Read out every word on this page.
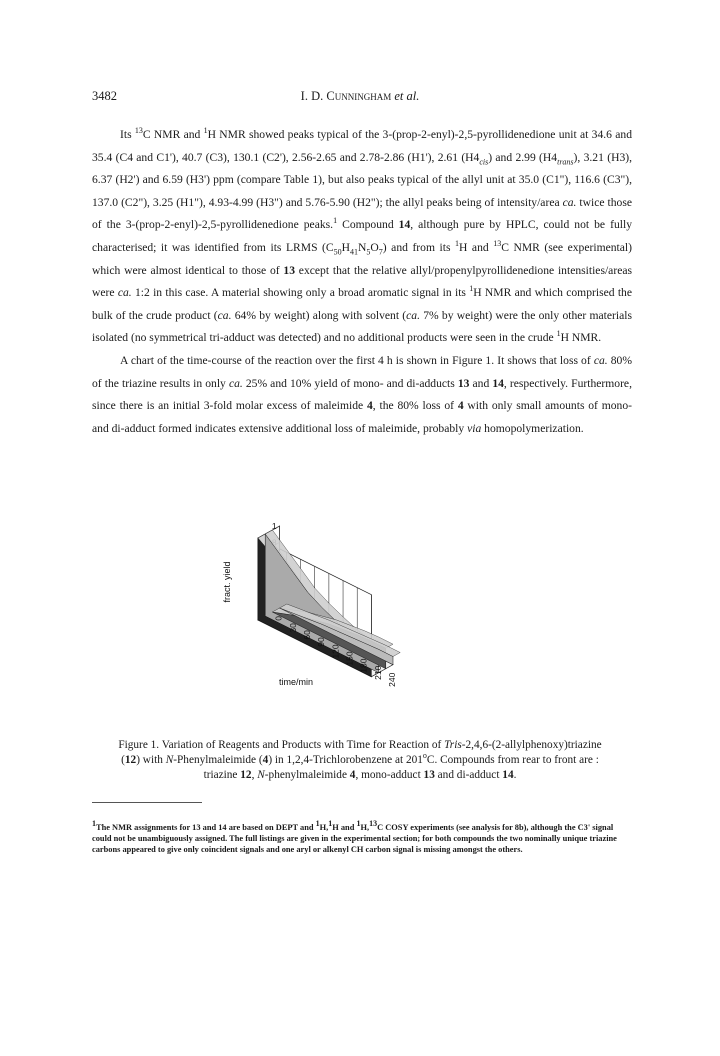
3482	I. D. Cunningham et al.

Its $^{13}$C NMR and $^1$H NMR showed peaks typical of the 3-(prop-2-enyl)-2,5-pyrollidenedione unit at 34.6 and 35.4 (C4 and C1'), 40.7 (C3), 130.1 (C2'), 2.56-2.65 and 2.78-2.86 (H1'), 2.61 $(H4_{cis})$ and 2.99 $(H4_{trans})$, 3.21 (H3), 6.37 (H2') and 6.59 (H3') ppm (compare Table 1), but also peaks typical of the allyl unit at 35.0 (C1"), 116.6 (C3"), 137.0 (C2"), 3.25 (H1"), 4.93-4.99 (H3") and 5.76-5.90 (H2"); the allyl peaks being of intensity/area ca. twice those of the 3-(prop-2-enyl)-2,5-pyrollidenedione peaks.$^1$ Compound 14, although pure by HPLC, could not be fully characterised; it was identified from its LRMS $(C_{50}H_{41}N_5O_7)$ and from its $^1$H and $^{13}$C NMR (see experimental) which were almost identical to those of 13 except that the relative allyl/propenylpyrollidenedione intensities/areas were ca. 1:2 in this case. A material showing only a broad aromatic signal in its $^1$H NMR and which comprised the bulk of the crude product (ca. 64% by weight) along with solvent (ca. 7% by weight) were the only other materials isolated (no symmetrical tri-adduct was detected) and no additional products were seen in the crude $^1$H NMR.

A chart of the time-course of the reaction over the first 4 h is shown in Figure 1. It shows that loss of ca. 80% of the triazine results in only ca. 25% and 10% yield of mono- and di-adducts 13 and 14, respectively. Furthermore, since there is an initial 3-fold molar excess of maleimide 4, the 80% loss of 4 with only small amounts of mono- and di-adduct formed indicates extensive additional loss of maleimide, probably via homopolymerization.

1
0
30
60
90
120 150 180 210 240
fract. yield
time/min
Figure 1. Variation of Reagents and Products with Time for Reaction of Tris-2,4,6-(2-allylphenoxy)triazine (12) with N-Phenylmaleimide (4) in 1,2,4-Trichlorobenzene at 201$^o$C. Compounds from rear to front are : triazine 12, N-phenylmaleimide 4, mono-adduct 13 and di-adduct 14.

$^1$The NMR assignments for 13 and 14 are based on DEPT and $^1$H,$^1$H and $^1$H,$^{13}$C COSY experiments (see analysis for 8b), although the C3' signal could not be unambiguously assigned. The full listings are given in the experimental section; for both compounds the two nominally unique triazine carbons appeared to give only coincident signals and one aryl or alkenyl CH carbon signal is missing amongst the others.
